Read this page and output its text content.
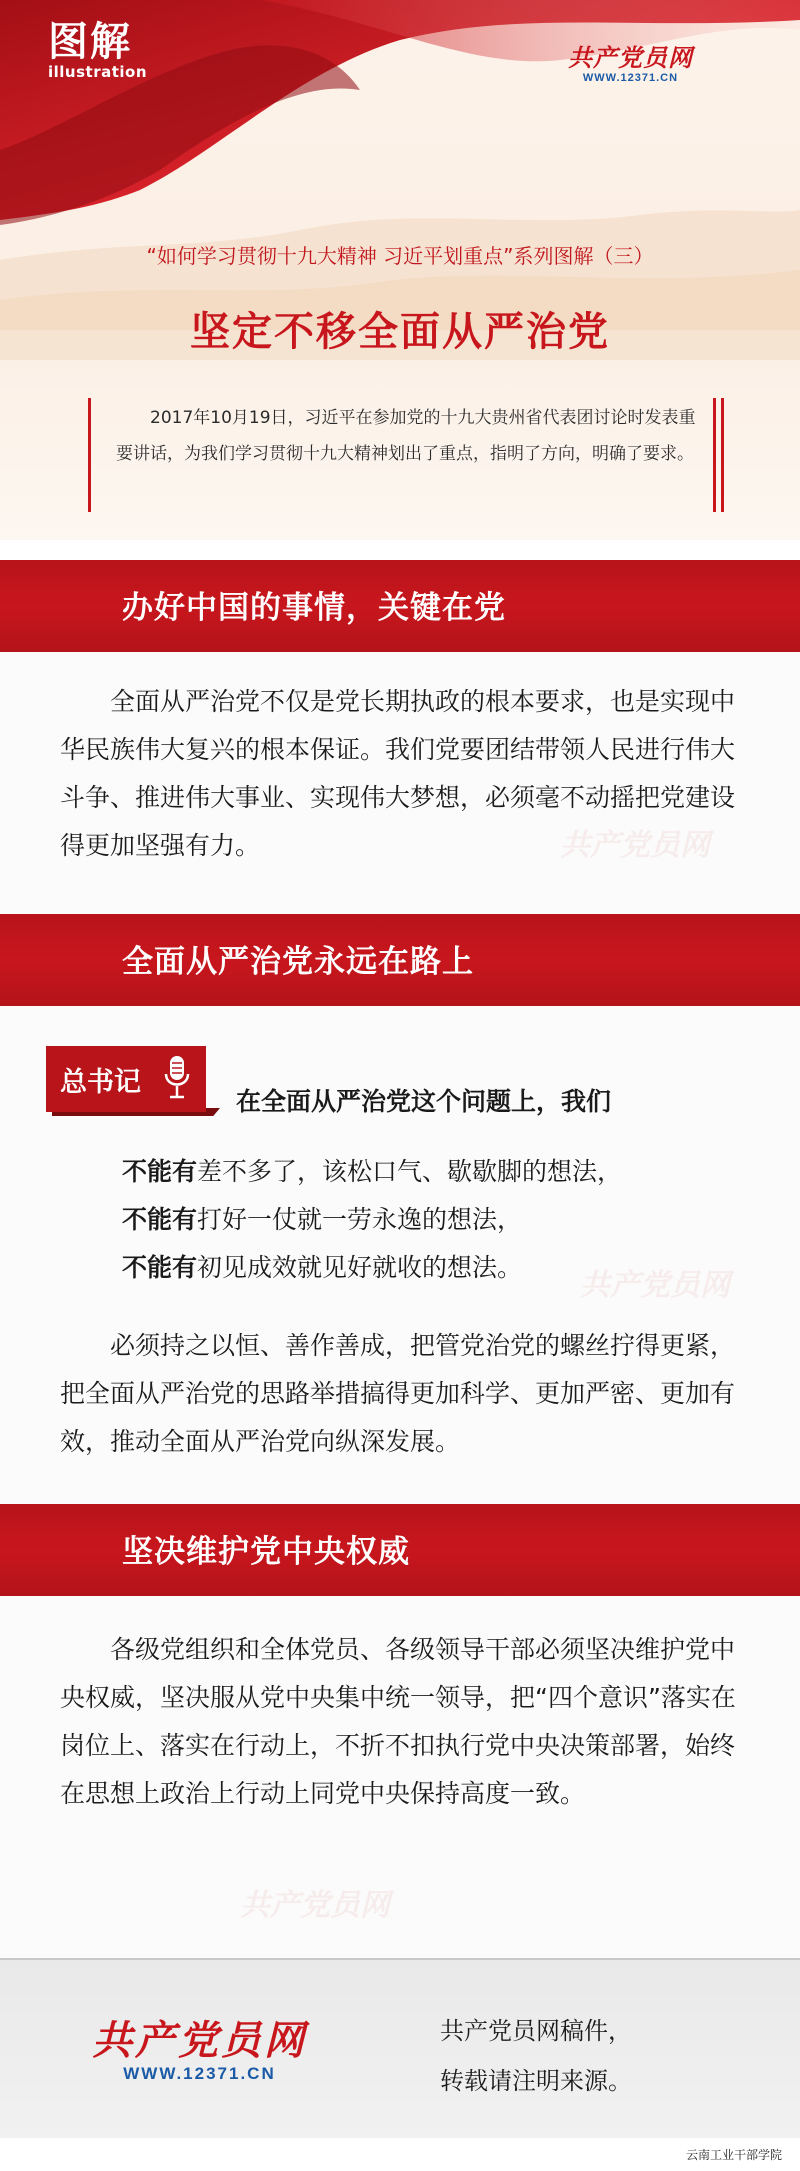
图解
illustration	共产党员网
WWW.12371.CN
“如何学习贯彻十九大精神 习近平划重点”系列图解（三）
坚定不移全面从严治党
2017年10月19日，习近平在参加党的十九大贵州省代表团讨论时发表重要讲话，为我们学习贯彻十九大精神划出了重点，指明了方向，明确了要求。
办好中国的事情，关键在党
全面从严治党不仅是党长期执政的根本要求，也是实现中华民族伟大复兴的根本保证。我们党要团结带领人民进行伟大斗争、推进伟大事业、实现伟大梦想，必须毫不动摇把党建设得更加坚强有力。
全面从严治党永远在路上
总书记
在全面从严治党这个问题上，我们
不能有差不多了，该松口气、歇歇脚的想法，
不能有打好一仗就一劳永逸的想法，
不能有初见成效就见好就收的想法。
必须持之以恒、善作善成，把管党治党的螺丝拧得更紧，把全面从严治党的思路举措搞得更加科学、更加严密、更加有效，推动全面从严治党向纵深发展。
坚决维护党中央权威
各级党组织和全体党员、各级领导干部必须坚决维护党中央权威，坚决服从党中央集中统一领导，把“四个意识”落实在岗位上、落实在行动上，不折不扣执行党中央决策部署，始终在思想上政治上行动上同党中央保持高度一致。
共产党员网
WWW.12371.CN
共产党员网稿件，
转载请注明来源。
云南工业干部学院
